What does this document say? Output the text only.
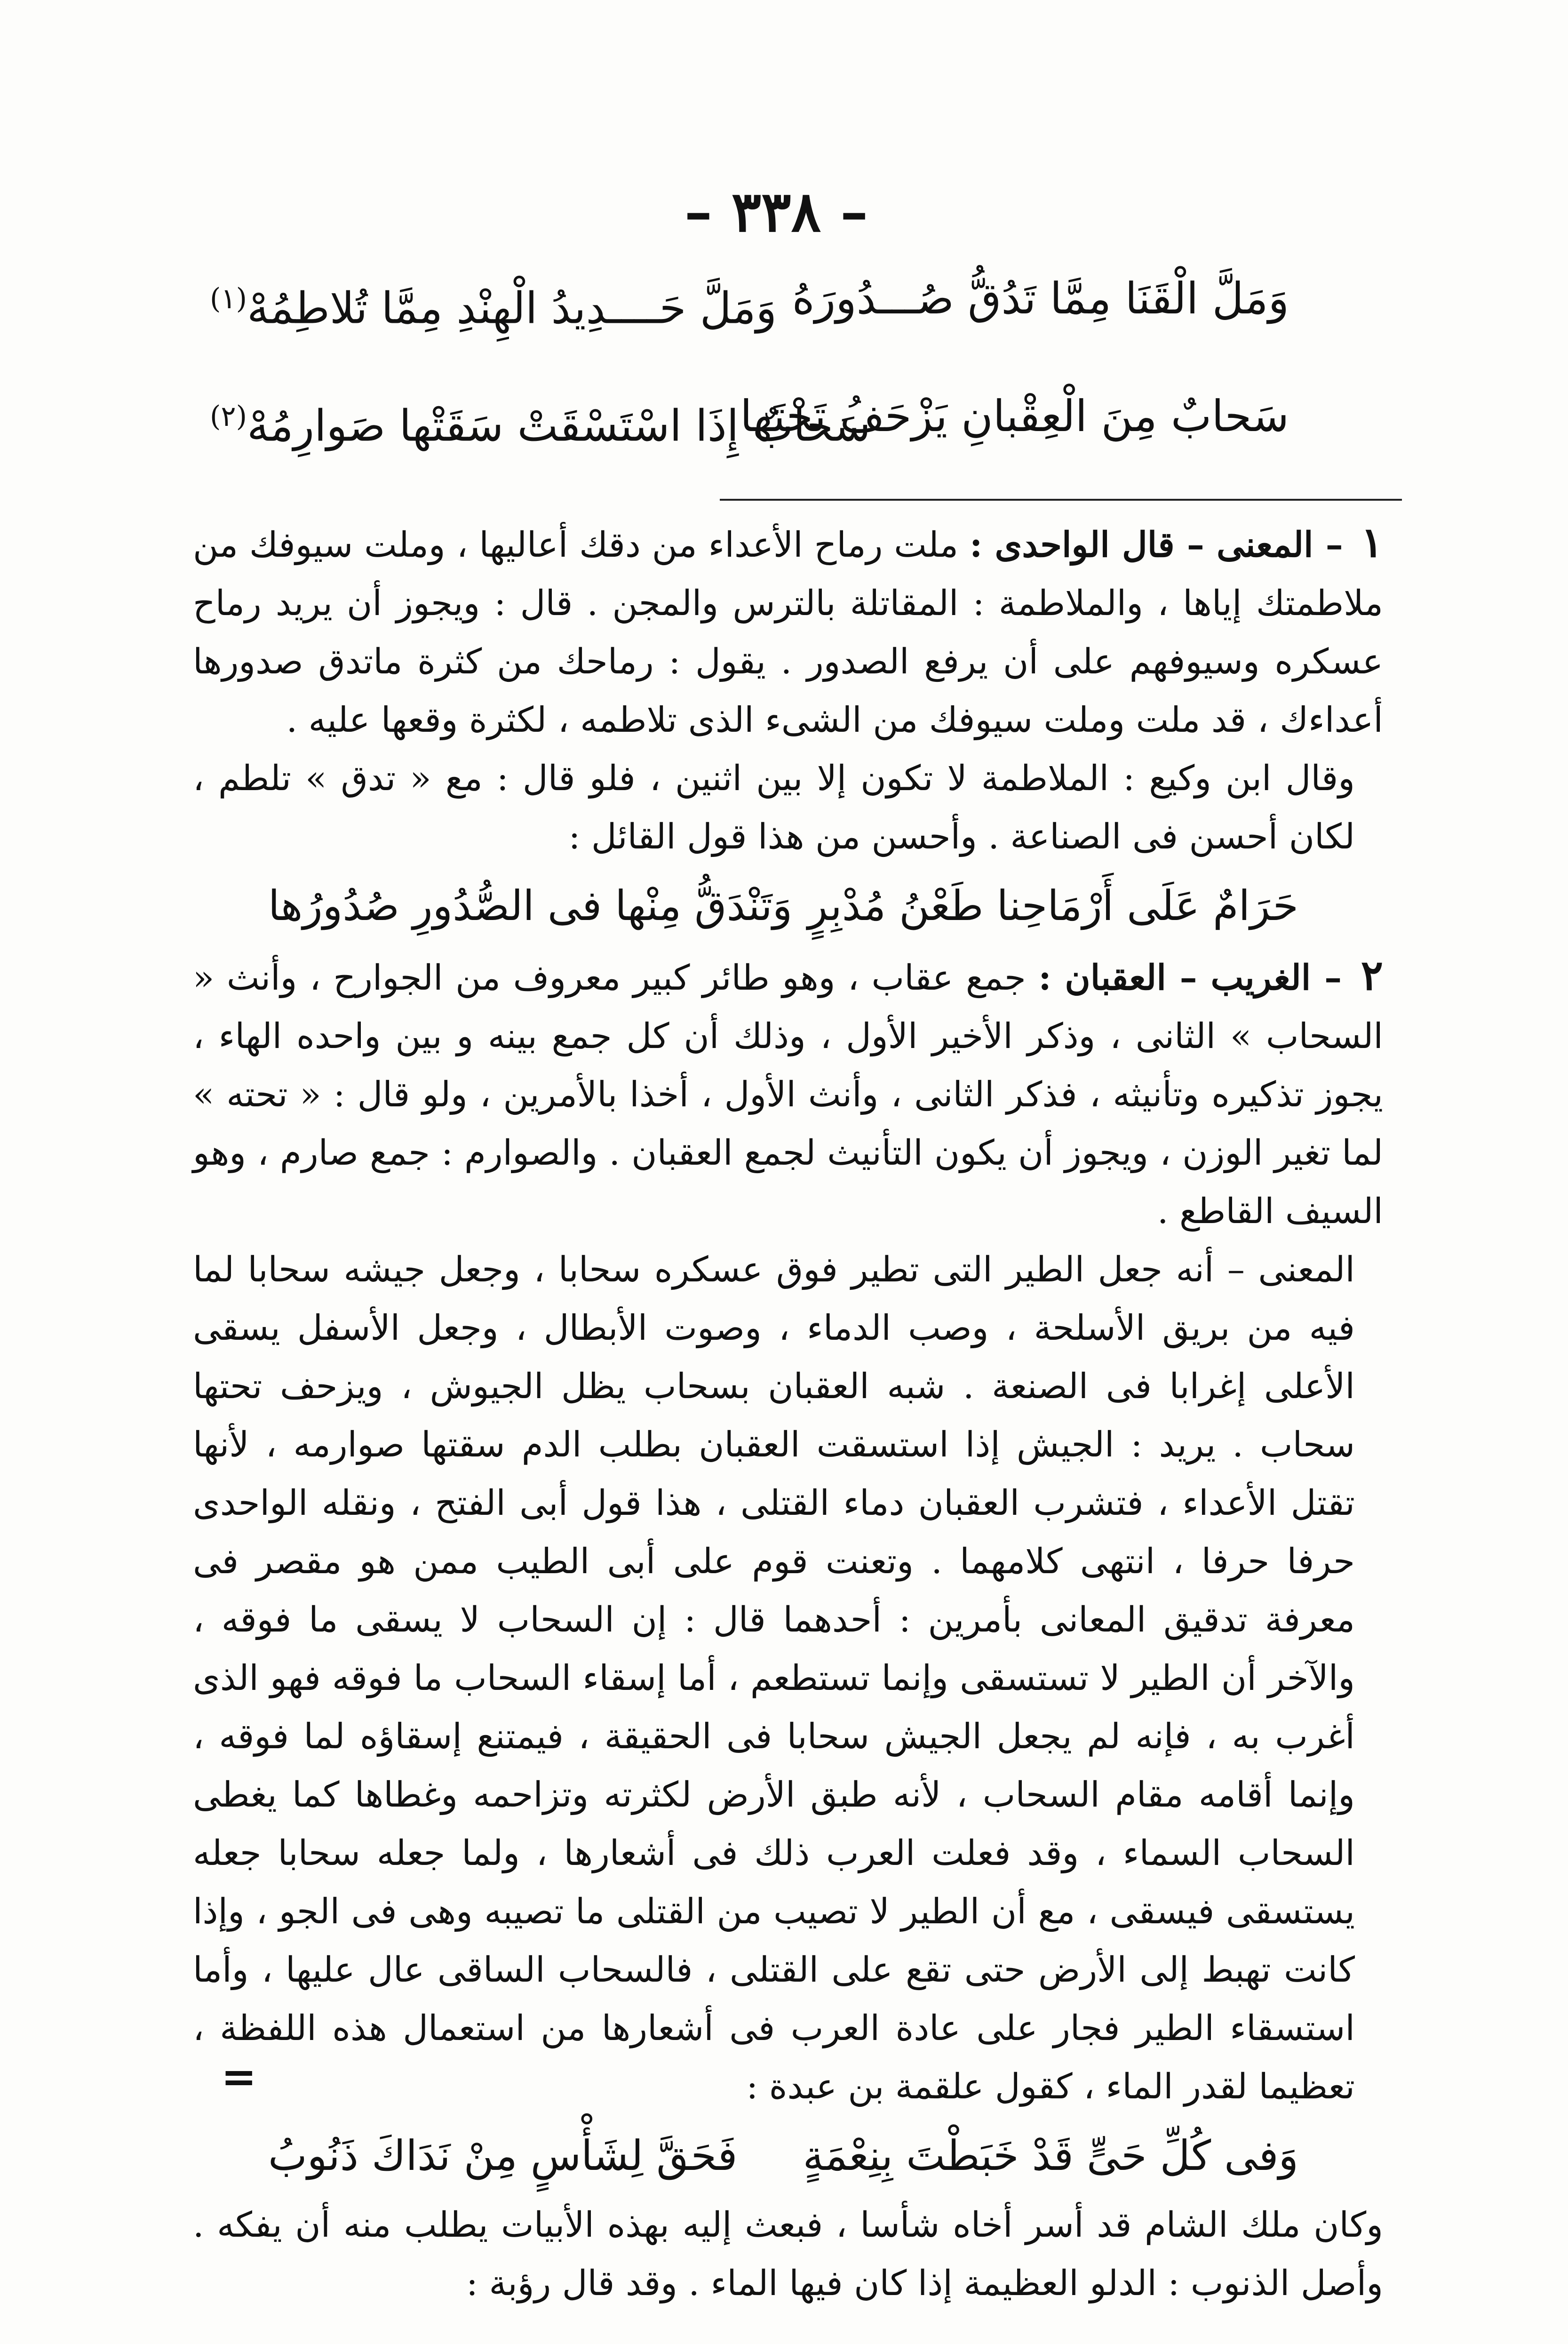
– ٣٣٨ –
وَمَلَّ الْقَنَا مِمَّا تَدُقُّ صُـــدُورَهُ
وَمَلَّ حَــــدِيدُ الْهِنْدِ مِمَّا تُلاطِمُهْ$^{(١)}$
سَحابٌ مِنَ الْعِقْبانِ يَزْحَفُ تَحْتَها
سَحابٌ إِذَا اسْتَسْقَتْ سَقَتْها صَوارِمُهْ$^{(٢)}$

١ – المعنى – قال الواحدى : ملت رماح الأعداء من دقك أعاليها ، وملت سيوفك من ملاطمتك إياها ، والملاطمة : المقاتلة بالترس والمجن . قال : ويجوز أن يريد رماح عسكره وسيوفهم على أن يرفع الصدور . يقول : رماحك من كثرة ماتدق صدورها أعداءك ، قد ملت وملت سيوفك من الشىء الذى تلاطمه ، لكثرة وقعها عليه .

وقال ابن وكيع : الملاطمة لا تكون إلا بين اثنين ، فلو قال : مع « تدق » تلطم ، لكان أحسن فى الصناعة . وأحسن من هذا قول القائل :

حَرَامٌ عَلَى أَرْمَاحِنا طَعْنُ مُدْبِرٍ
وَتَنْدَقُّ مِنْها فى الصُّدُورِ صُدُورُها

٢ – الغريب – العقبان : جمع عقاب ، وهو طائر كبير معروف من الجوارح ، وأنث « السحاب » الثانى ، وذكر الأخير الأول ، وذلك أن كل جمع بينه و بين واحده الهاء ، يجوز تذكيره وتأنيثه ، فذكر الثانى ، وأنث الأول ، أخذا بالأمرين ، ولو قال : « تحته » لما تغير الوزن ، ويجوز أن يكون التأنيث لجمع العقبان . والصوارم : جمع صارم ، وهو السيف القاطع .

المعنى – أنه جعل الطير التى تطير فوق عسكره سحابا ، وجعل جيشه سحابا لما فيه من بريق الأسلحة ، وصب الدماء ، وصوت الأبطال ، وجعل الأسفل يسقى الأعلى إغرابا فى الصنعة . شبه العقبان بسحاب يظل الجيوش ، ويزحف تحتها سحاب . يريد : الجيش إذا استسقت العقبان بطلب الدم سقتها صوارمه ، لأنها تقتل الأعداء ، فتشرب العقبان دماء القتلى ، هذا قول أبى الفتح ، ونقله الواحدى حرفا حرفا ، انتهى كلامهما . وتعنت قوم على أبى الطيب ممن هو مقصر فى معرفة تدقيق المعانى بأمرين : أحدهما قال : إن السحاب لا يسقى ما فوقه ، والآخر أن الطير لا تستسقى وإنما تستطعم ، أما إسقاء السحاب ما فوقه فهو الذى أغرب به ، فإنه لم يجعل الجيش سحابا فى الحقيقة ، فيمتنع إسقاؤه لما فوقه ، وإنما أقامه مقام السحاب ، لأنه طبق الأرض لكثرته وتزاحمه وغطاها كما يغطى السحاب السماء ، وقد فعلت العرب ذلك فى أشعارها ، ولما جعله سحابا جعله يستسقى فيسقى ، مع أن الطير لا تصيب من القتلى ما تصيبه وهى فى الجو ، وإذا كانت تهبط إلى الأرض حتى تقع على القتلى ، فالسحاب الساقى عال عليها ، وأما استسقاء الطير فجار على عادة العرب فى أشعارها من استعمال هذه اللفظة ، تعظيما لقدر الماء ، كقول علقمة بن عبدة :

وَفى كُلِّ حَىٍّ قَدْ خَبَطْتَ بِنِعْمَةٍ
فَحَقَّ لِشَأْسٍ مِنْ نَدَاكَ ذَنُوبُ

وكان ملك الشام قد أسر أخاه شأسا ، فبعث إليه بهذه الأبيات يطلب منه أن يفكه . وأصل الذنوب : الدلو العظيمة إذا كان فيها الماء . وقد قال رؤبة :

=
